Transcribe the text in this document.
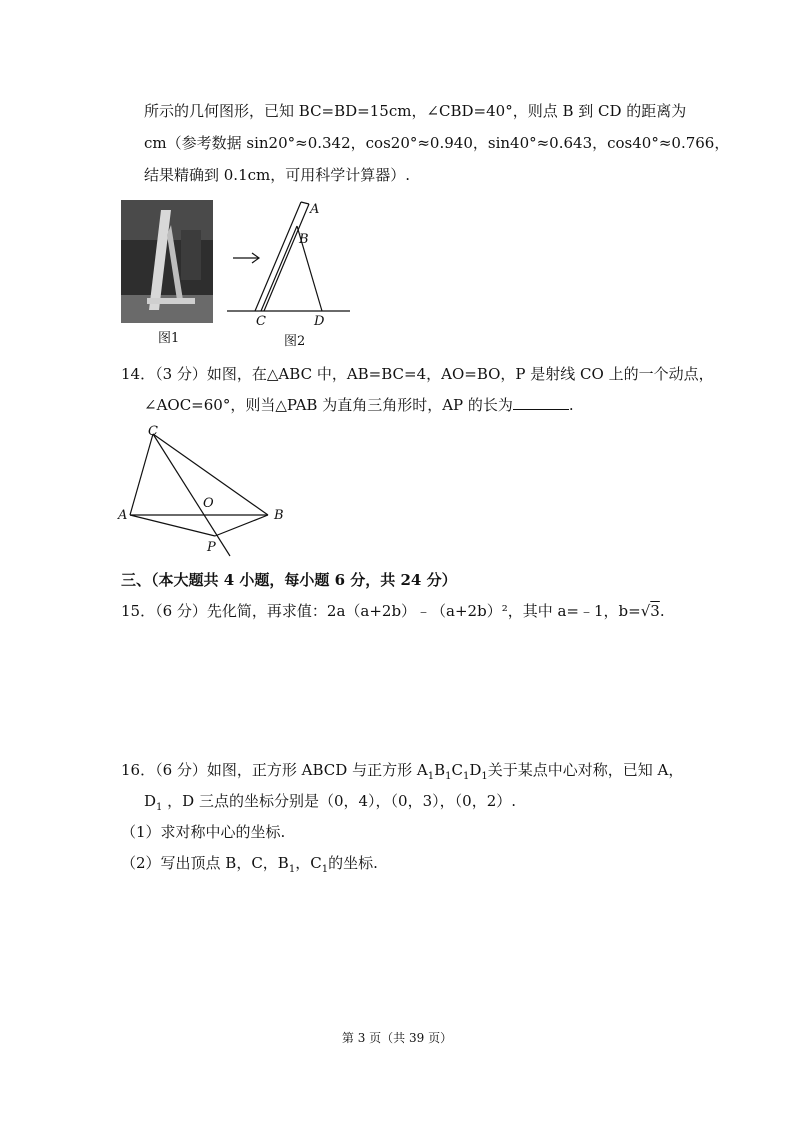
所示的几何图形，已知 BC=BD=15cm，∠CBD=40°，则点 B 到 CD 的距离为
cm（参考数据 sin20°≈0.342，cos20°≈0.940，sin40°≈0.643，cos40°≈0.766，
结果精确到 0.1cm，可用科学计算器）.
图1
A
B
C	D
图2
14．（3 分）如图，在△ABC 中，AB=BC=4，AO=BO，P 是射线 CO 上的一个动点，
∠AOC=60°，则当△PAB 为直角三角形时，AP 的长为	.
C
A
O
B
P
三、（本大题共 4 小题，每小题 6 分，共 24 分）
15．（6 分）先化简，再求值：2a（a+2b）﹣（a+2b）²，其中 a=﹣1，b=√3.
16．（6 分）如图，正方形 ABCD 与正方形 $A_1B_1C_1D_1$关于某点中心对称，已知 A，
$D_1$ ，D 三点的坐标分别是（0，4），（0，3），（0，2）.
（1）求对称中心的坐标.
（2）写出顶点 B，C，$B_1$，$C_1$的坐标.
第 3 页（共 39 页）
